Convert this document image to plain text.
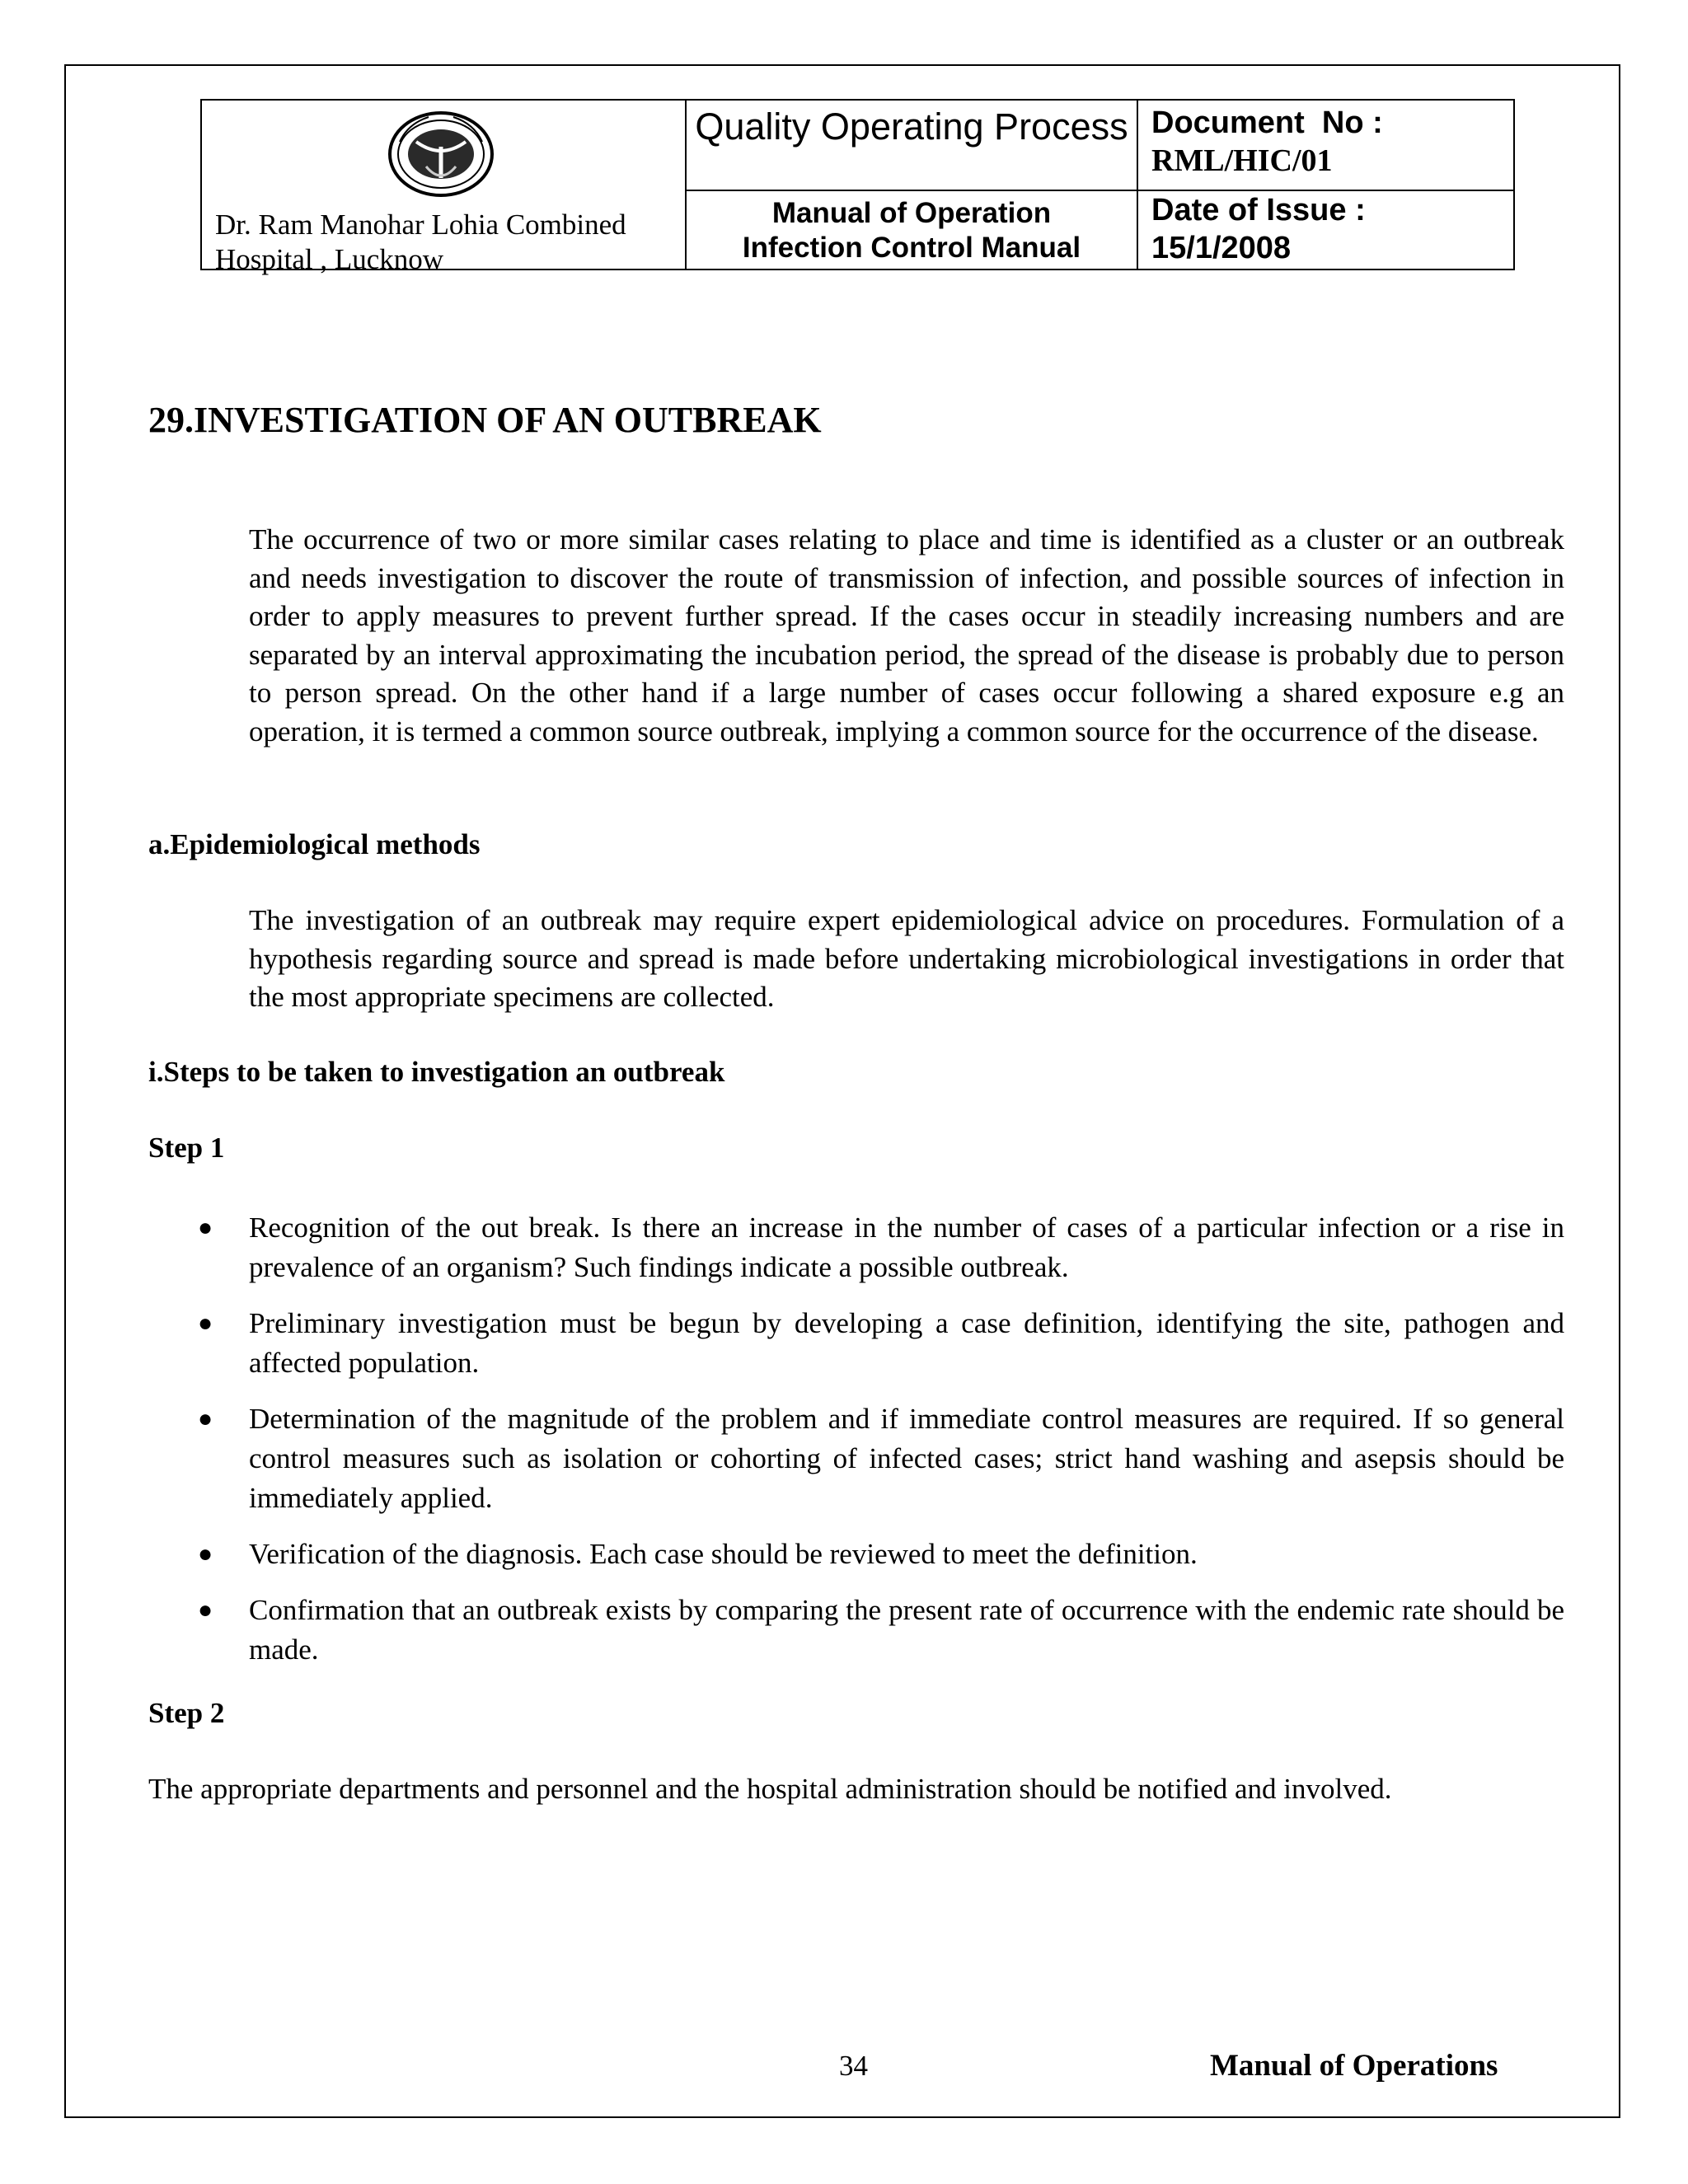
Dr. Ram Manohar Lohia Combined Hospital , Lucknow
Quality Operating Process
Manual of Operation
Infection Control Manual
Document  No :
RML/HIC/01
Date of Issue :
15/1/2008
29.INVESTIGATION OF AN OUTBREAK
The occurrence of two or more similar cases relating to place and time is identified as a cluster or an outbreak and needs investigation to discover the route of transmission of infection, and possible sources of infection in order to apply measures to prevent further spread. If the cases occur in steadily increasing numbers and are separated by an interval approximating the incubation period, the spread of the disease is probably due to person to person spread. On the other hand if a large number of cases occur following a shared exposure e.g an operation, it is termed a common source outbreak, implying a common source for the occurrence of the disease.
a.Epidemiological methods
The investigation of an outbreak may require expert epidemiological advice on procedures. Formulation of a hypothesis regarding source and spread is made before undertaking microbiological investigations in order that the most appropriate specimens are collected.
i.Steps to be taken to investigation an outbreak
Step 1
● Recognition of the out break. Is there an increase in the number of cases of a particular infection or a rise in prevalence of an organism? Such findings indicate a possible outbreak.
● Preliminary investigation must be begun by developing a case definition, identifying the site, pathogen and affected population.
● Determination of the magnitude of the problem and if immediate control measures are required. If so general control measures such as isolation or cohorting of infected cases; strict hand washing and asepsis should be immediately applied.
● Verification of the diagnosis. Each case should be reviewed to meet the definition.
● Confirmation that an outbreak exists by comparing the present rate of occurrence with the endemic rate should be made.
Step 2
The appropriate departments and personnel and the hospital administration should be notified and involved.
34	Manual of Operations
